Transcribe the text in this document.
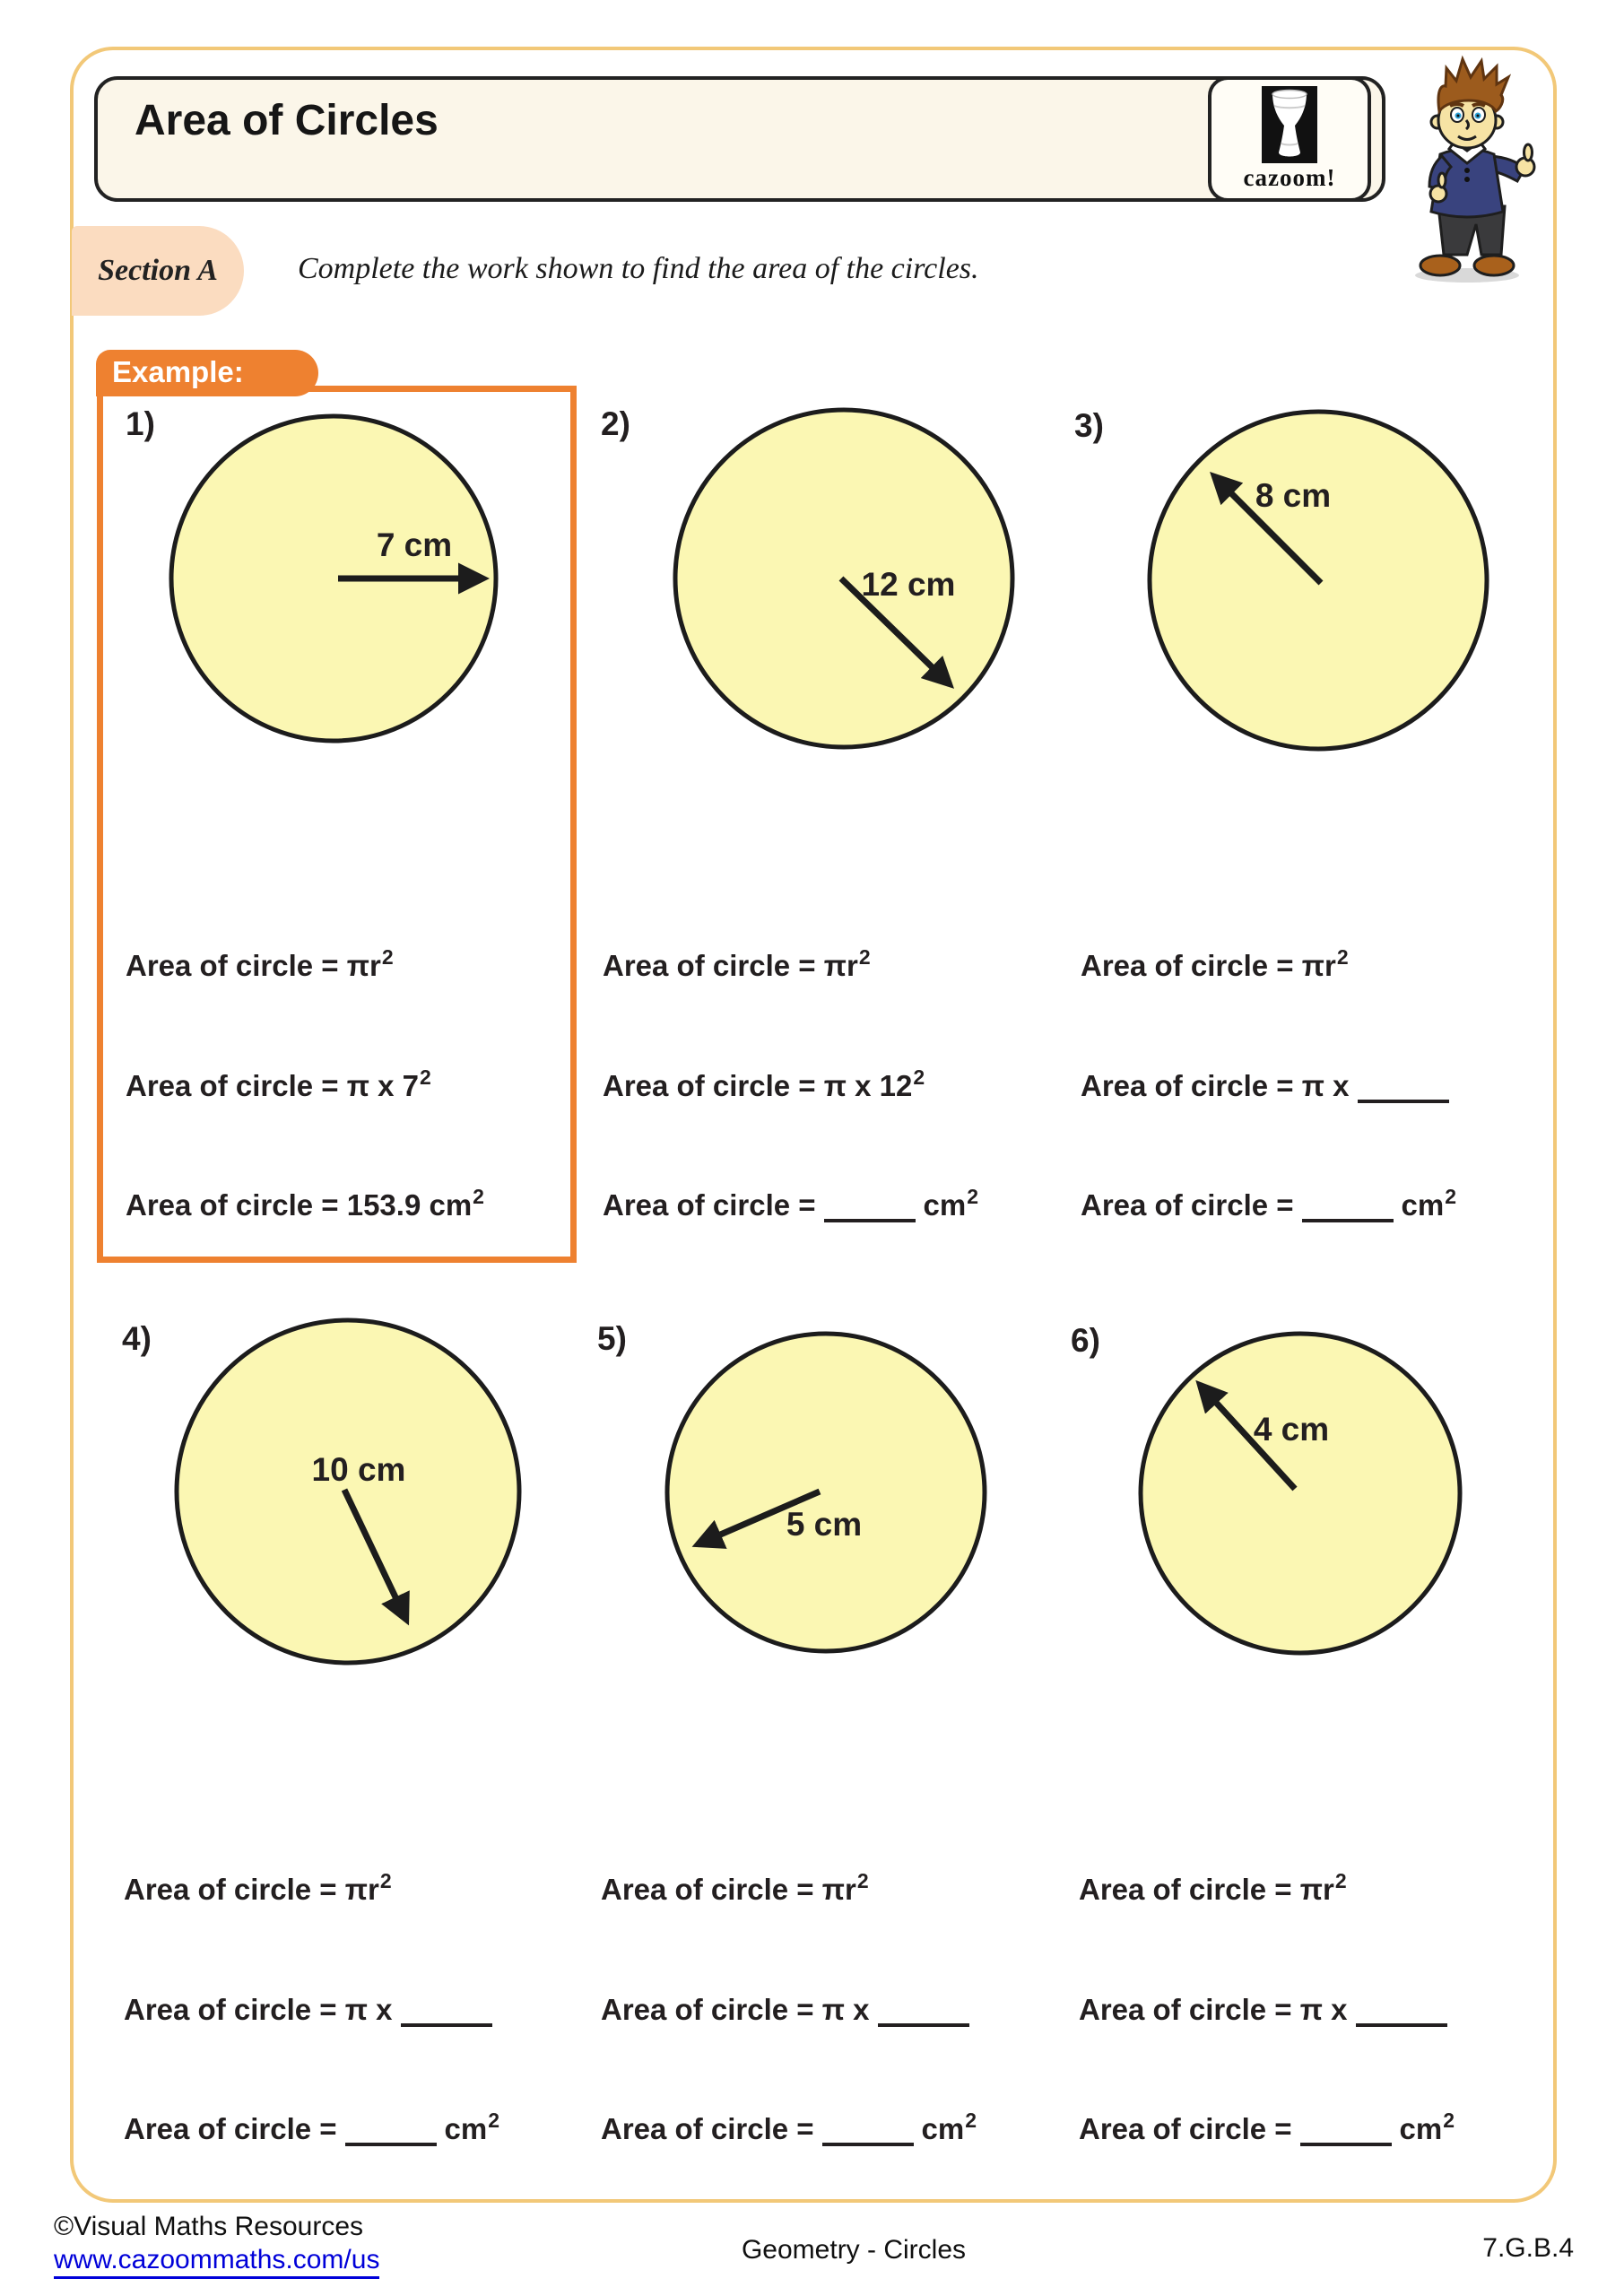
Area of Circles
cazoom!
Section A	Complete the work shown to find the area of the circles.
Example:
1)	2)	3)
4)	5)	6)
7 cm
12 cm
8 cm
10 cm
5 cm
4 cm
Area of circle = πr2
Area of circle = π x 72
Area of circle = 153.9 cm2
Area of circle = πr2
Area of circle = π x 122
Area of circle =	cm2
Area of circle = πr2
Area of circle = π x
Area of circle =	cm2
Area of circle = πr2
Area of circle = π x
Area of circle =	cm2
Area of circle = πr2
Area of circle = π x
Area of circle =	cm2
Area of circle = πr2
Area of circle = π x
Area of circle =	cm2
©Visual Maths Resources
www.cazoommaths.com/us	Geometry - Circles	7.G.B.4
